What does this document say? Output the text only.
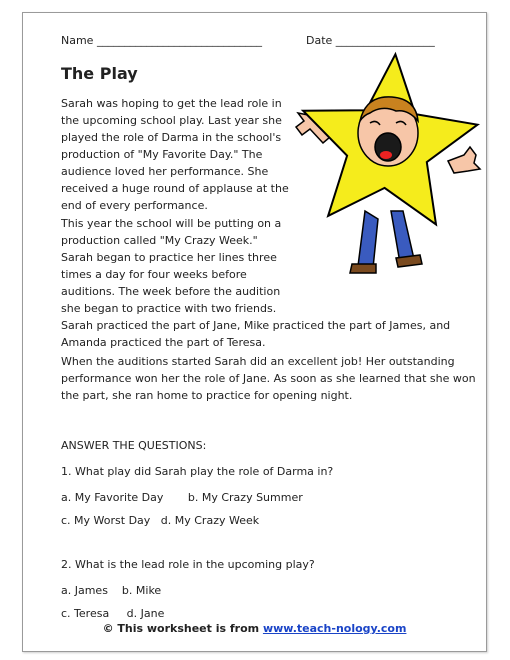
Name ______________________________	Date __________________
The Play
Sarah was hoping to get the lead role in
the upcoming school play. Last year she
played the role of Darma in the school's
production of "My Favorite Day." The
audience loved her performance. She
received a huge round of applause at the
end of every performance.
This year the school will be putting on a
production called "My Crazy Week."
Sarah began to practice her lines three
times a day for four weeks before
auditions. The week before the audition
she began to practice with two friends.
Sarah practiced the part of Jane, Mike practiced the part of James, and
Amanda practiced the part of Teresa.
When the auditions started Sarah did an excellent job! Her outstanding
performance won her the role of Jane. As soon as she learned that she won
the part, she ran home to practice for opening night.
ANSWER THE QUESTIONS:
1. What play did Sarah play the role of Darma in?
a. My Favorite Day       b. My Crazy Summer
c. My Worst Day   d. My Crazy Week
2. What is the lead role in the upcoming play?
a. James    b. Mike
c. Teresa     d. Jane
© This worksheet is from www.teach-nology.com
